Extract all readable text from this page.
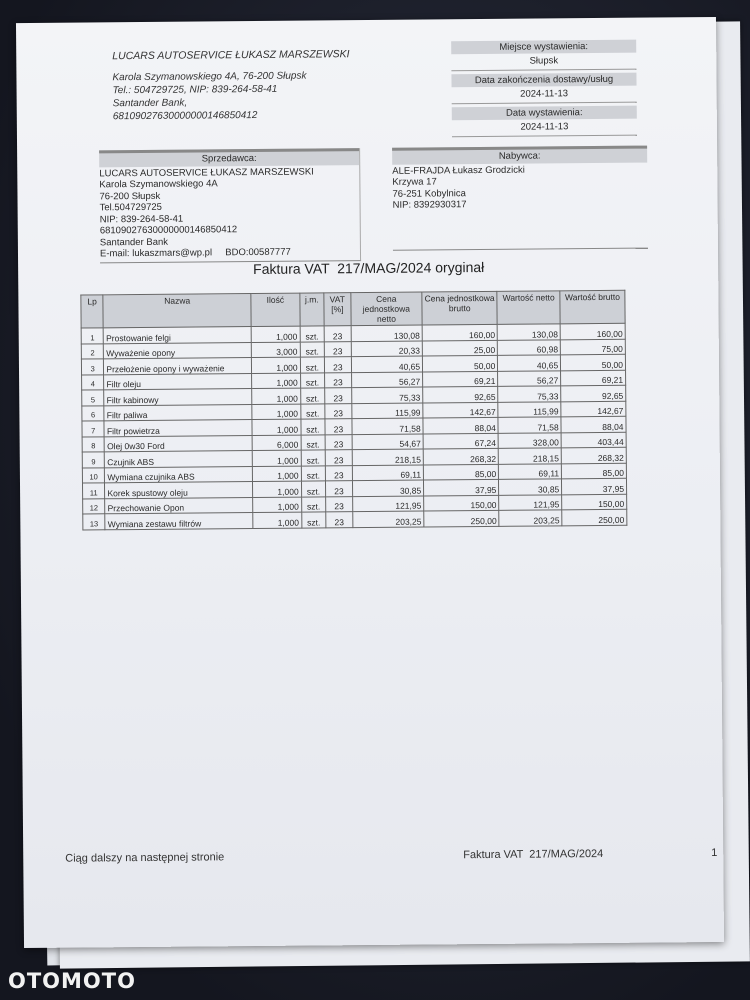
LUCARS AUTOSERVICE ŁUKASZ MARSZEWSKI
Karola Szymanowskiego 4A, 76-200 Słupsk
Tel.: 504729725, NIP: 839-264-58-41
Santander Bank,
68109027630000000146850412
Miejsce wystawienia:
Słupsk
Data zakończenia dostawy/usług
2024-11-13
Data wystawienia:
2024-11-13
Sprzedawca:
LUCARS AUTOSERVICE ŁUKASZ MARSZEWSKI
Karola Szymanowskiego 4A
76-200 Słupsk
Tel.504729725
NIP: 839-264-58-41
68109027630000000146850412
Santander Bank
E-mail: lukaszmars@wp.pl     BDO:00587777
Nabywca:
ALE-FRAJDA Łukasz Grodzicki
Krzywa 17
76-251 Kobylnica
NIP: 8392930317
Faktura VAT  217/MAG/2024 oryginał
Lp	Nazwa	Ilość	j.m.	VAT [%]	Cena jednostkowa netto	Cena jednostkowa brutto	Wartość netto	Wartość brutto
1	Prostowanie felgi	1,000	szt.	23	130,08	160,00	130,08	160,00
2	Wyważenie opony	3,000	szt.	23	20,33	25,00	60,98	75,00
3	Przełożenie opony i wyważenie	1,000	szt.	23	40,65	50,00	40,65	50,00
4	Filtr oleju	1,000	szt.	23	56,27	69,21	56,27	69,21
5	Filtr kabinowy	1,000	szt.	23	75,33	92,65	75,33	92,65
6	Filtr paliwa	1,000	szt.	23	115,99	142,67	115,99	142,67
7	Filtr powietrza	1,000	szt.	23	71,58	88,04	71,58	88,04
8	Olej 0w30 Ford	6,000	szt.	23	54,67	67,24	328,00	403,44
9	Czujnik ABS	1,000	szt.	23	218,15	268,32	218,15	268,32
10	Wymiana czujnika ABS	1,000	szt.	23	69,11	85,00	69,11	85,00
11	Korek spustowy oleju	1,000	szt.	23	30,85	37,95	30,85	37,95
12	Przechowanie Opon	1,000	szt.	23	121,95	150,00	121,95	150,00
13	Wymiana zestawu filtrów	1,000	szt.	23	203,25	250,00	203,25	250,00
Ciąg dalszy na następnej stronie	Faktura VAT  217/MAG/2024	1
OTOMOTO
